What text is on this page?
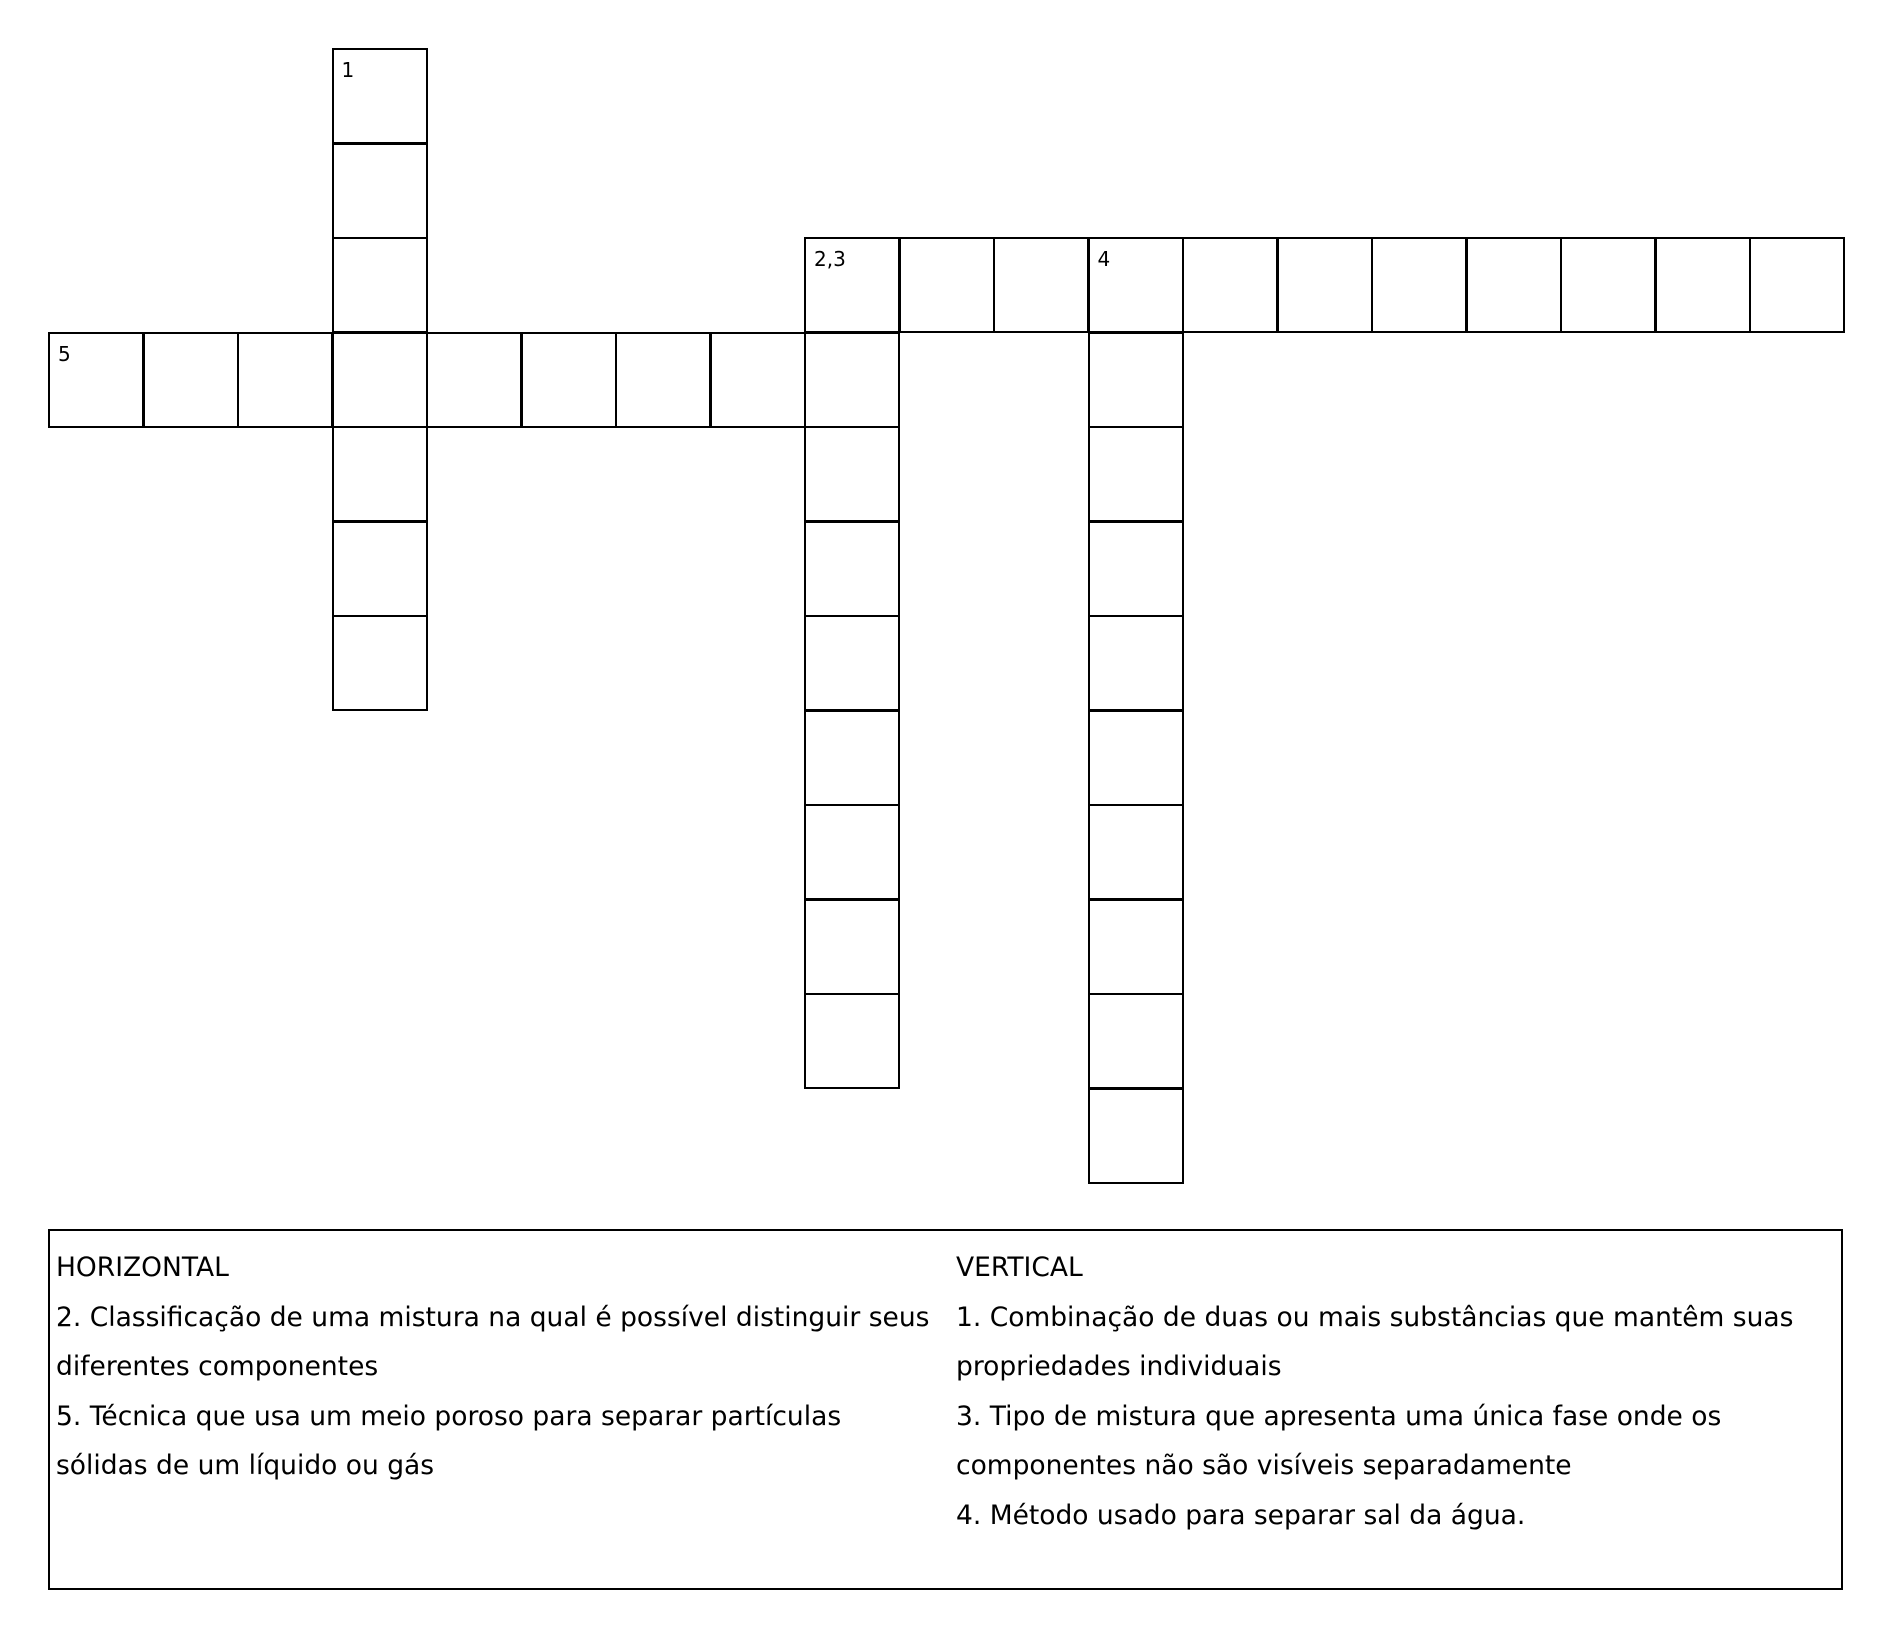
1
2,3	4
5
HORIZONTAL
2. Classificação de uma mistura na qual é possível distinguir seus
diferentes componentes
5. Técnica que usa um meio poroso para separar partículas
sólidas de um líquido ou gás
VERTICAL
1. Combinação de duas ou mais substâncias que mantêm suas
propriedades individuais
3. Tipo de mistura que apresenta uma única fase onde os
componentes não são visíveis separadamente
4. Método usado para separar sal da água.
